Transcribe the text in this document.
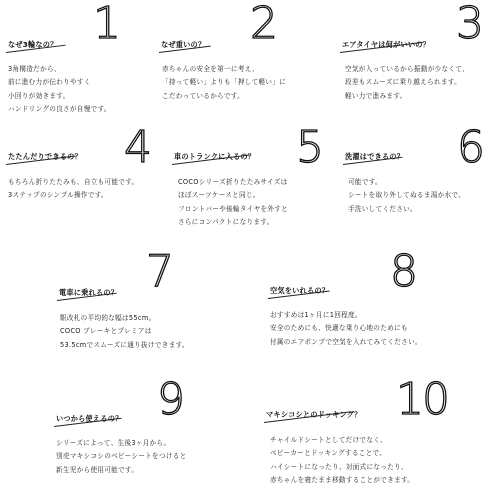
1
なぜ3輪なの？
3角構造だから、
前に進む力が伝わりやすく
小回りが効きます。
ハンドリングの良さが自慢です。
2
なぜ重いの？
赤ちゃんの安全を第一に考え、
「持って軽い」よりも「押して軽い」に
こだわっているからです。
3
エアタイヤは何がいいの？
空気が入っているから振動が少なくて、
段差もスムーズに乗り越えられます。
軽い力で進みます。
4
たたんだりできるの？
もちろん折りたたみも、自立も可能です。
3ステップのシンプル操作です。
5
車のトランクに入るの？
COCOシリーズ折りたたみサイズは
ほぼスーツケースと同じ。
フロントバーや後輪タイヤを外すと
さらにコンパクトになります。
6
洗濯はできるの？
可能です。
シートを取り外してぬるま湯か水で、
手洗いしてください。
7
電車に乗れるの？
駅改札の平均的な幅は55cm。
COCO ブレーキとプレミアは
53.5cmでスムーズに通り抜けできます。
8
空気をいれるの？
おすすめは1ヶ月に1回程度。
安全のためにも、快適な乗り心地のためにも
付属のエアポンプで空気を入れてみてください。
9
いつから使えるの？
シリーズによって、生後3ヶ月から。
別売マキシコシのベビーシートをつけると
新生児から使用可能です。
10
マキシコシとのドッキング？
チャイルドシートとしてだけでなく、
ベビーカーとドッキングすることで、
ハイシートになったり、対面式になったり、
赤ちゃんを寝たまま移動することができます。
